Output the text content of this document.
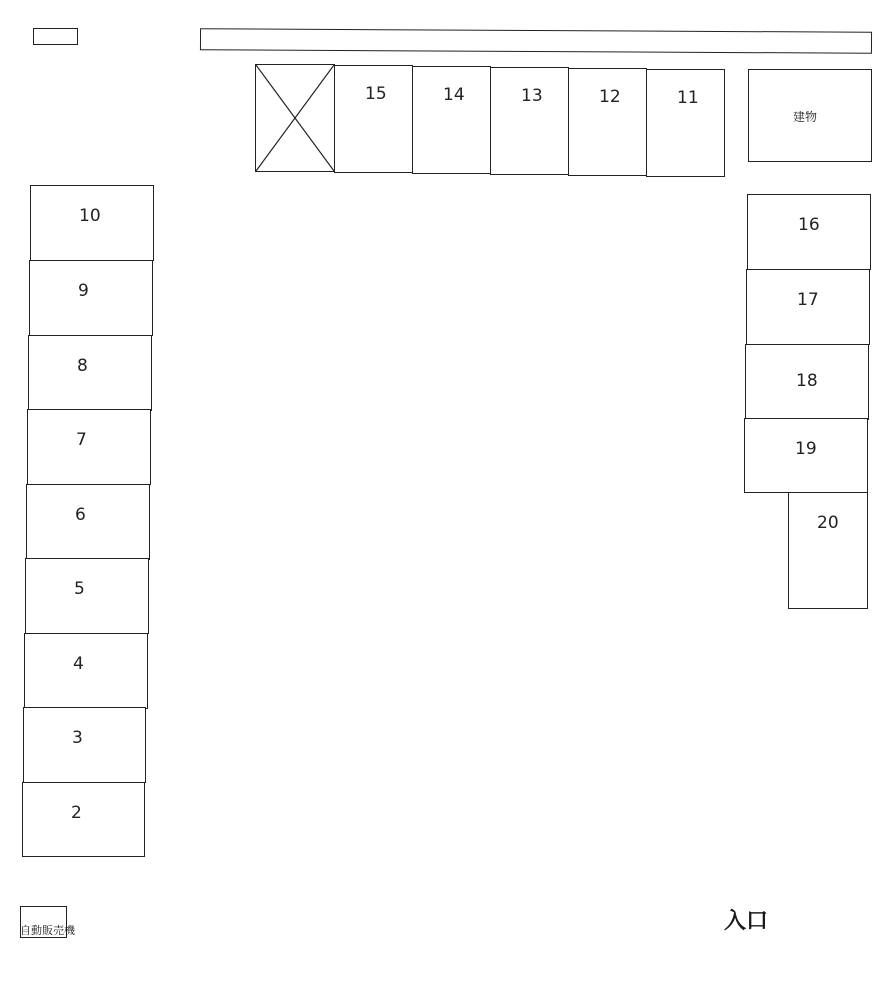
15	14	13	12	11
建物
10
9
8
7
6
5
4
3
2
16
17
18
19
20
自動販売機	入口
